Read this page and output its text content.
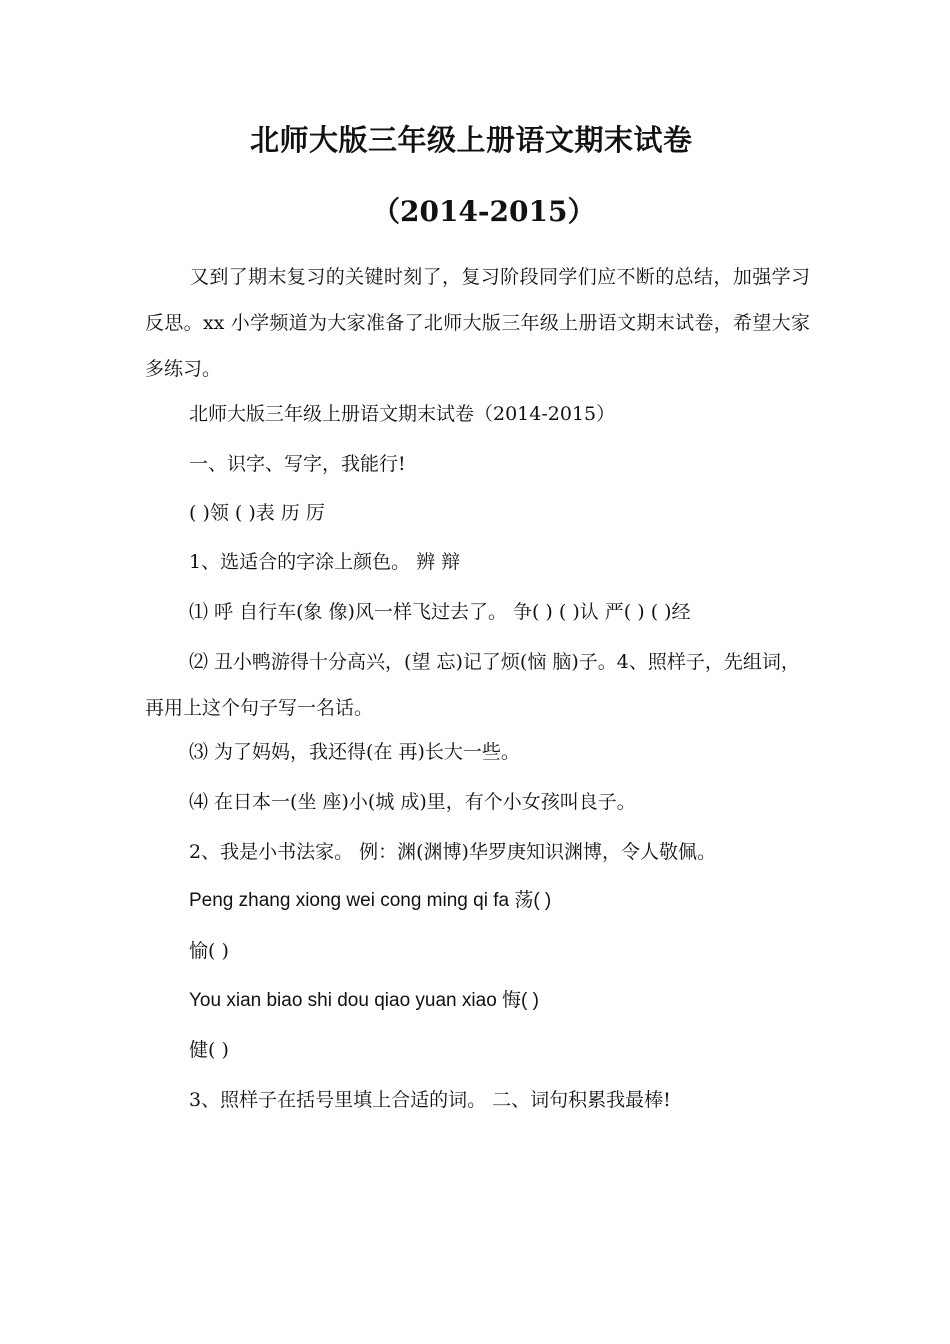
北师大版三年级上册语文期末试卷
（2014-2015）
又到了期末复习的关键时刻了，复习阶段同学们应不断的总结，加强学习反思。xx 小学频道为大家准备了北师大版三年级上册语文期末试卷，希望大家多练习。
北师大版三年级上册语文期末试卷（2014-2015）
一、识字、写字，我能行!
( )领 ( )表 历 厉
1、选适合的字涂上颜色。 辨 辩
⑴ 呼 自行车(象 像)风一样飞过去了。 争( ) ( )认 严( ) ( )经
⑵ 丑小鸭游得十分高兴，(望 忘)记了烦(恼 脑)子。4、照样子，先组词，再用上这个句子写一名话。
⑶ 为了妈妈，我还得(在 再)长大一些。
⑷ 在日本一(坐 座)小(城 成)里，有个小女孩叫良子。
2、我是小书法家。 例：渊(渊博)华罗庚知识渊博，令人敬佩。
Peng zhang xiong wei cong ming qi fa 荡( )
愉( )
You xian biao shi dou qiao yuan xiao 悔( )
健( )
3、照样子在括号里填上合适的词。 二、词句积累我最棒!
